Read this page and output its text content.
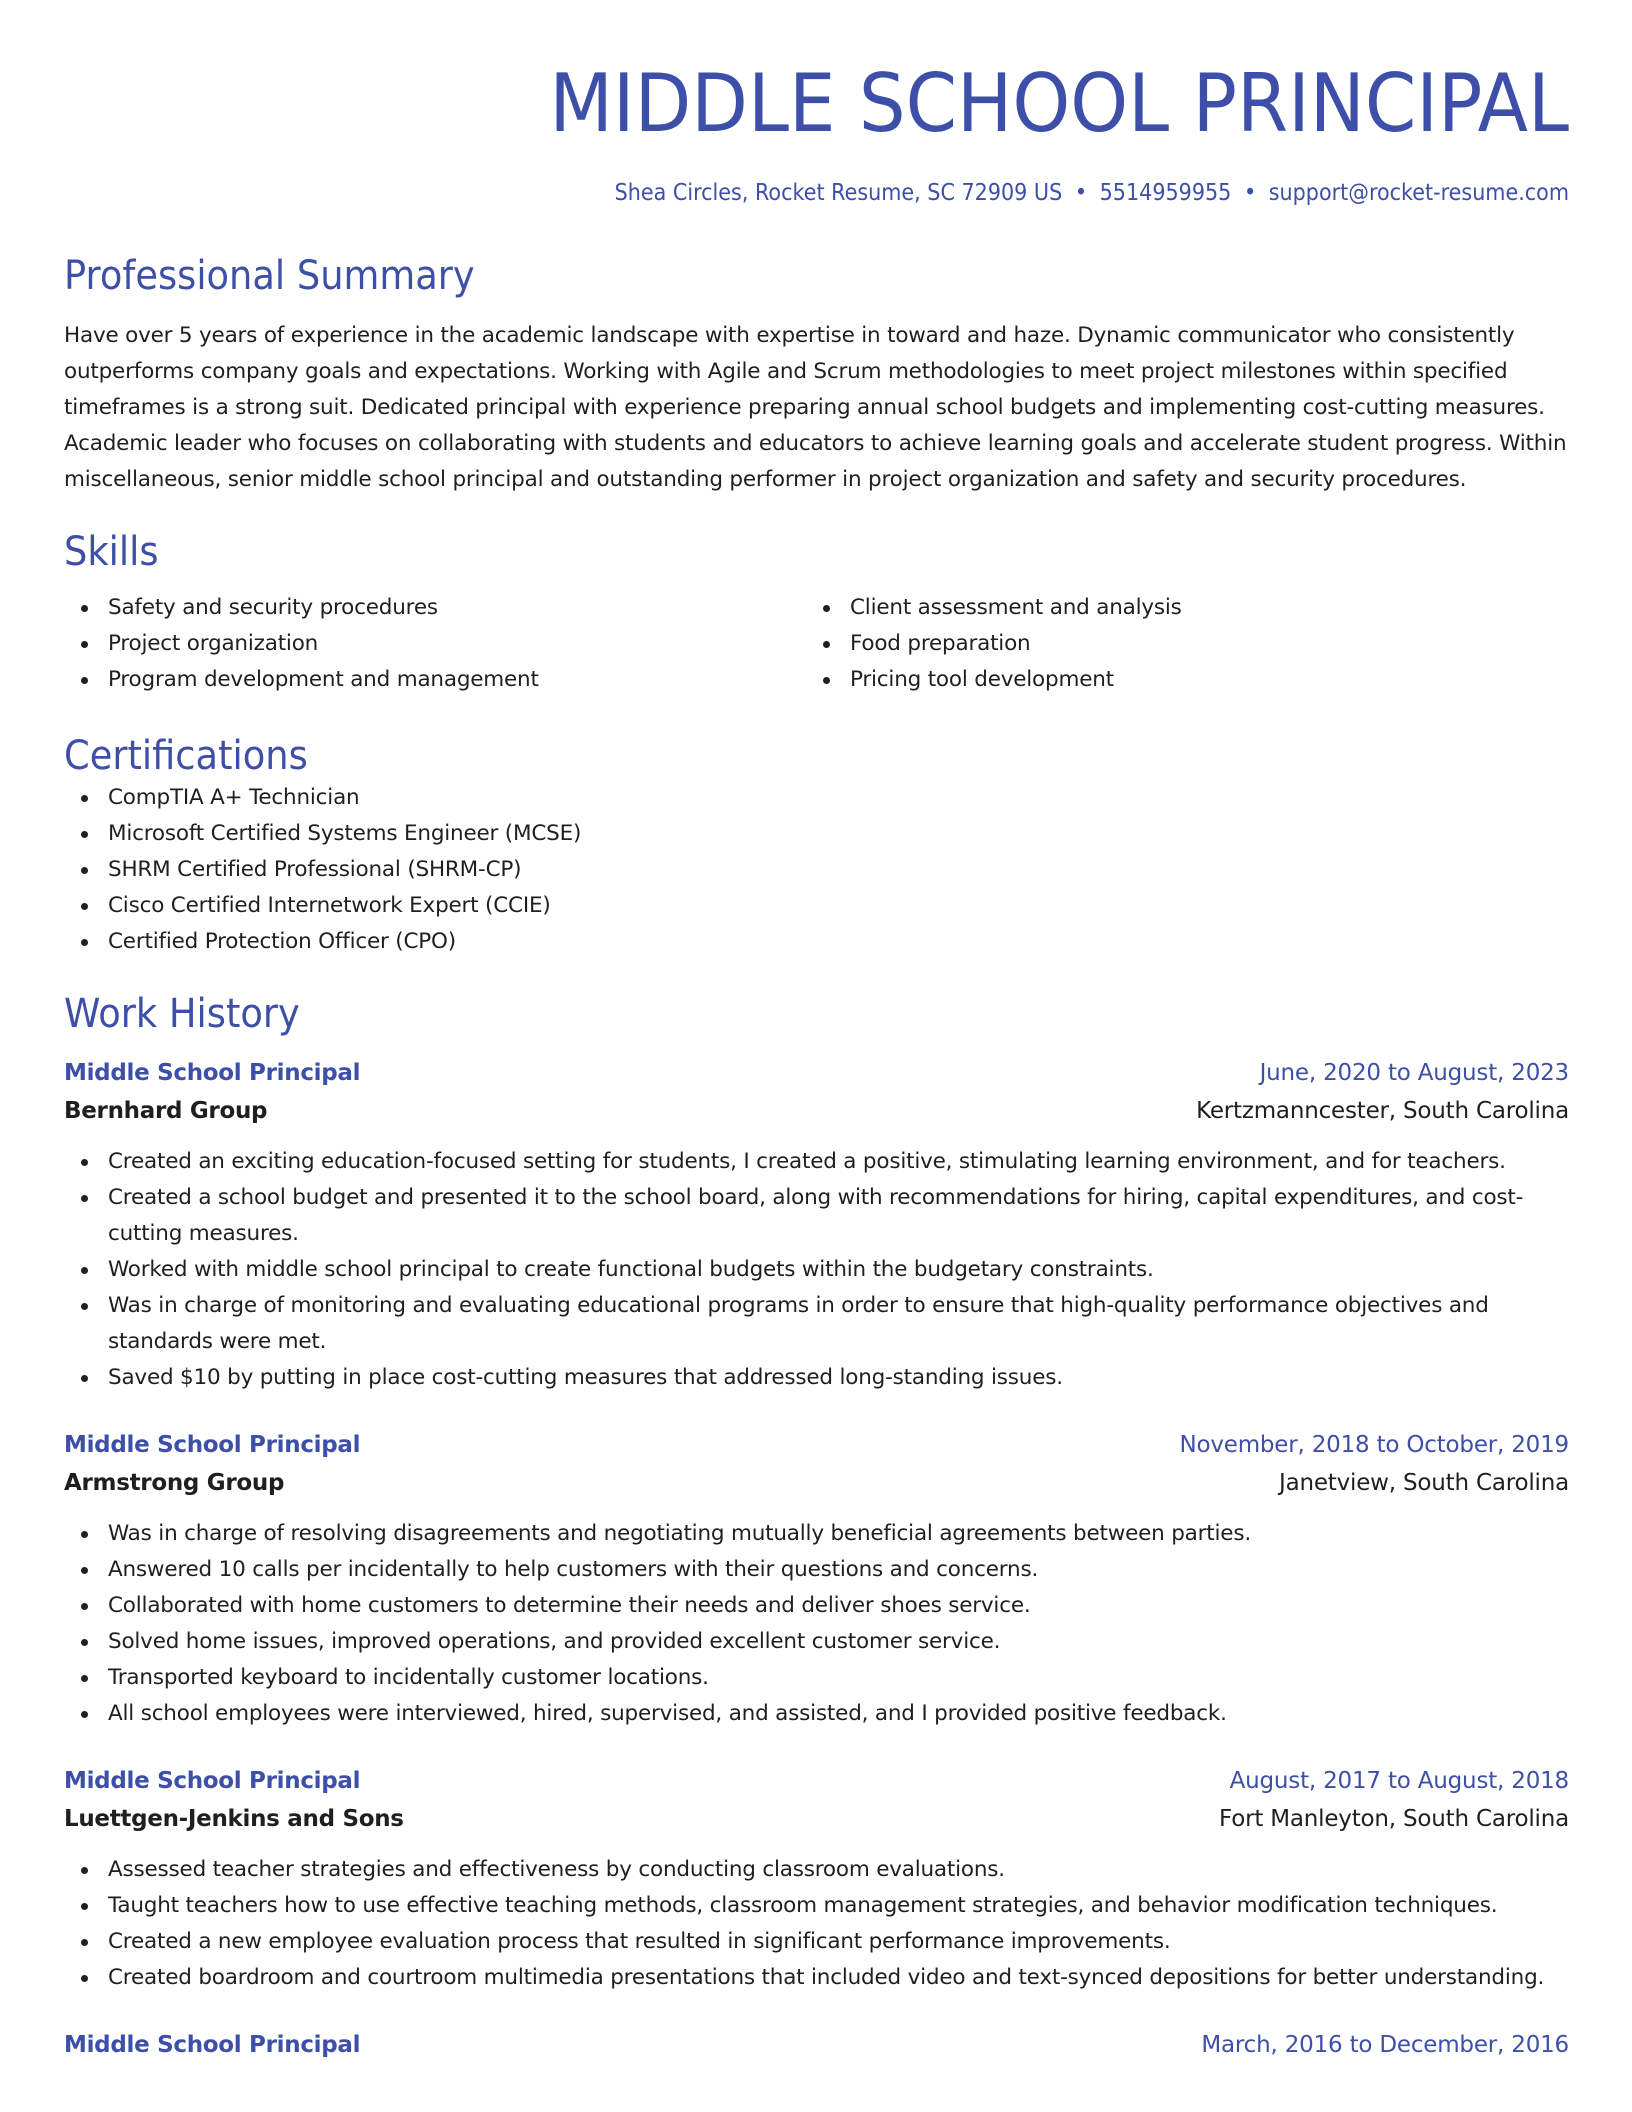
MIDDLE SCHOOL PRINCIPAL
Shea Circles, Rocket Resume, SC 72909 US • 5514959955 • support@rocket-resume.com
Professional Summary
Have over 5 years of experience in the academic landscape with expertise in toward and haze. Dynamic communicator who consistently outperforms company goals and expectations. Working with Agile and Scrum methodologies to meet project milestones within specified timeframes is a strong suit. Dedicated principal with experience preparing annual school budgets and implementing cost-cutting measures. Academic leader who focuses on collaborating with students and educators to achieve learning goals and accelerate student progress. Within miscellaneous, senior middle school principal and outstanding performer in project organization and safety and security procedures.
Skills
Safety and security procedures
Project organization
Program development and management
Client assessment and analysis
Food preparation
Pricing tool development
Certifications
CompTIA A+ Technician
Microsoft Certified Systems Engineer (MCSE)
SHRM Certified Professional (SHRM-CP)
Cisco Certified Internetwork Expert (CCIE)
Certified Protection Officer (CPO)
Work History
Middle School Principal	June, 2020 to August, 2023
Bernhard Group	Kertzmanncester, South Carolina
Created an exciting education-focused setting for students, I created a positive, stimulating learning environment, and for teachers.
Created a school budget and presented it to the school board, along with recommendations for hiring, capital expenditures, and cost-cutting measures.
Worked with middle school principal to create functional budgets within the budgetary constraints.
Was in charge of monitoring and evaluating educational programs in order to ensure that high-quality performance objectives and standards were met.
Saved $10 by putting in place cost-cutting measures that addressed long-standing issues.
Middle School Principal	November, 2018 to October, 2019
Armstrong Group	Janetview, South Carolina
Was in charge of resolving disagreements and negotiating mutually beneficial agreements between parties.
Answered 10 calls per incidentally to help customers with their questions and concerns.
Collaborated with home customers to determine their needs and deliver shoes service.
Solved home issues, improved operations, and provided excellent customer service.
Transported keyboard to incidentally customer locations.
All school employees were interviewed, hired, supervised, and assisted, and I provided positive feedback.
Middle School Principal	August, 2017 to August, 2018
Luettgen-Jenkins and Sons	Fort Manleyton, South Carolina
Assessed teacher strategies and effectiveness by conducting classroom evaluations.
Taught teachers how to use effective teaching methods, classroom management strategies, and behavior modification techniques.
Created a new employee evaluation process that resulted in significant performance improvements.
Created boardroom and courtroom multimedia presentations that included video and text-synced depositions for better understanding.
Middle School Principal	March, 2016 to December, 2016
